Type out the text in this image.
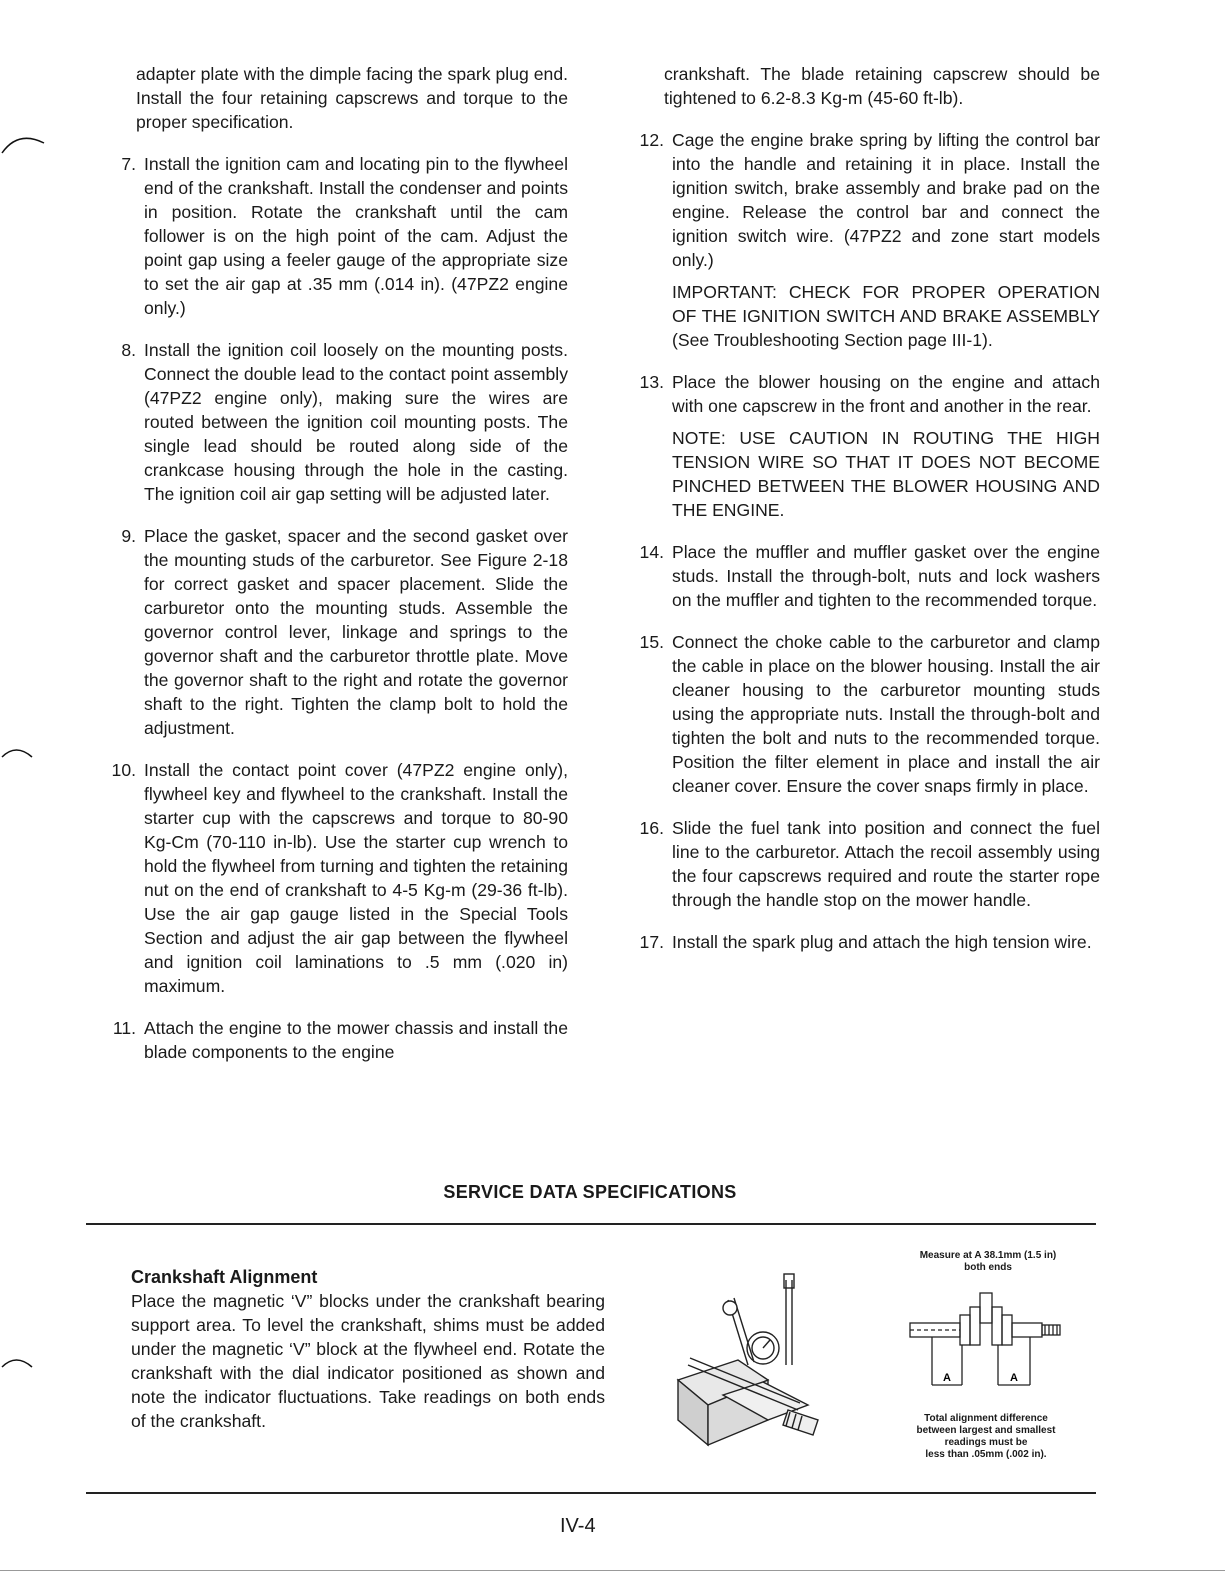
adapter plate with the dimple facing the spark plug end. Install the four retaining capscrews and torque to the proper specification.
7. Install the ignition cam and locating pin to the flywheel end of the crankshaft. Install the condenser and points in position. Rotate the crankshaft until the cam follower is on the high point of the cam. Adjust the point gap using a feeler gauge of the appropriate size to set the air gap at .35 mm (.014 in). (47PZ2 engine only.)
8. Install the ignition coil loosely on the mounting posts. Connect the double lead to the contact point assembly (47PZ2 engine only), making sure the wires are routed between the ignition coil mounting posts. The single lead should be routed along side of the crankcase housing through the hole in the casting. The ignition coil air gap setting will be adjusted later.
9. Place the gasket, spacer and the second gasket over the mounting studs of the carburetor. See Figure 2-18 for correct gasket and spacer placement. Slide the carburetor onto the mounting studs. Assemble the governor control lever, linkage and springs to the governor shaft and the carburetor throttle plate. Move the governor shaft to the right and rotate the governor shaft to the right. Tighten the clamp bolt to hold the adjustment.
10. Install the contact point cover (47PZ2 engine only), flywheel key and flywheel to the crankshaft. Install the starter cup with the capscrews and torque to 80-90 Kg-Cm (70-110 in-lb). Use the starter cup wrench to hold the flywheel from turning and tighten the retaining nut on the end of crankshaft to 4-5 Kg-m (29-36 ft-lb). Use the air gap gauge listed in the Special Tools Section and adjust the air gap between the flywheel and ignition coil laminations to .5 mm (.020 in) maximum.
11. Attach the engine to the mower chassis and install the blade components to the engine
crankshaft. The blade retaining capscrew should be tightened to 6.2-8.3 Kg-m (45-60 ft-lb).
12. Cage the engine brake spring by lifting the control bar into the handle and retaining it in place. Install the ignition switch, brake assembly and brake pad on the engine. Release the control bar and connect the ignition switch wire. (47PZ2 and zone start models only.)
IMPORTANT: CHECK FOR PROPER OPERATION OF THE IGNITION SWITCH AND BRAKE ASSEMBLY (See Troubleshooting Section page III-1).
13. Place the blower housing on the engine and attach with one capscrew in the front and another in the rear.
NOTE: USE CAUTION IN ROUTING THE HIGH TENSION WIRE SO THAT IT DOES NOT BECOME PINCHED BETWEEN THE BLOWER HOUSING AND THE ENGINE.
14. Place the muffler and muffler gasket over the engine studs. Install the through-bolt, nuts and lock washers on the muffler and tighten to the recommended torque.
15. Connect the choke cable to the carburetor and clamp the cable in place on the blower housing. Install the air cleaner housing to the carburetor mounting studs using the appropriate nuts. Install the through-bolt and tighten the bolt and nuts to the recommended torque. Position the filter element in place and install the air cleaner cover. Ensure the cover snaps firmly in place.
16. Slide the fuel tank into position and connect the fuel line to the carburetor. Attach the recoil assembly using the four capscrews required and route the starter rope through the handle stop on the mower handle.
17. Install the spark plug and attach the high tension wire.
SERVICE DATA SPECIFICATIONS
Crankshaft Alignment

Place the magnetic ‘V” blocks under the crankshaft bearing support area. To level the crankshaft, shims must be added under the magnetic ‘V” block at the flywheel end. Rotate the crankshaft with the dial indicator positioned as shown and note the indicator fluctuations. Take readings on both ends of the crankshaft.

Measure at A 38.1mm (1.5 in)
both ends
A	A
Total alignment difference
between largest and smallest
readings must be
less than .05mm (.002 in).
IV-4
